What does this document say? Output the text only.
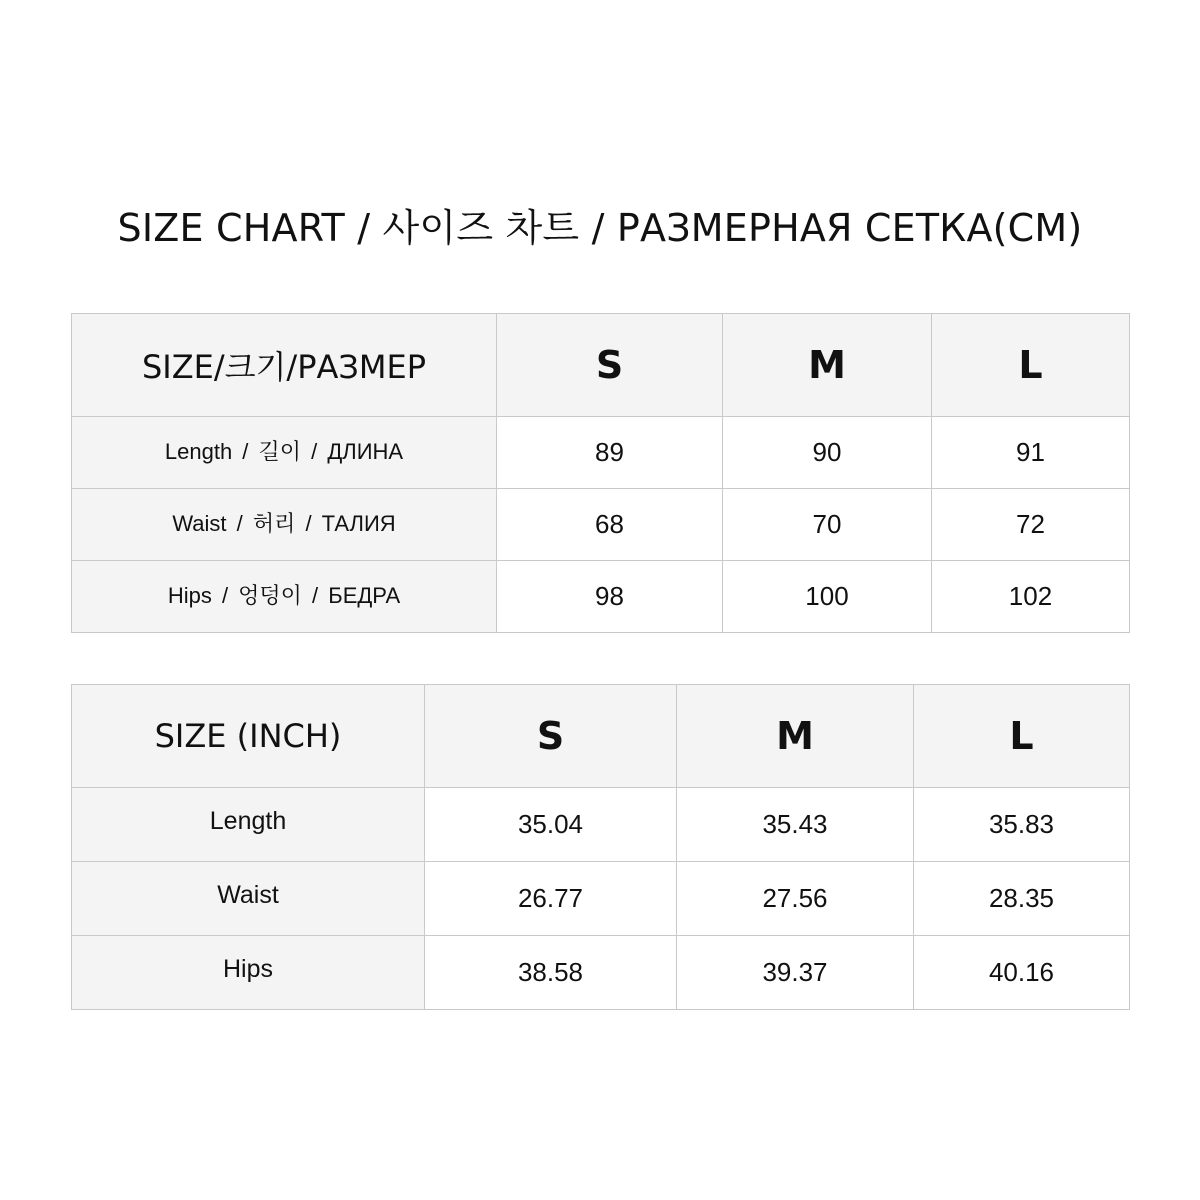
SIZE CHART / 사이즈 차트 / РАЗМЕРНАЯ СЕТКА(CM)
SIZE/크기/РАЗМЕР	S	M	L
Length / 길이 / ДЛИНА	89	90	91
Waist / 허리 / ТАЛИЯ	68	70	72
Hips / 엉덩이 / БЕДРА	98	100	102
SIZE (INCH)	S	M	L
Length	35.04	35.43	35.83
Waist	26.77	27.56	28.35
Hips	38.58	39.37	40.16
